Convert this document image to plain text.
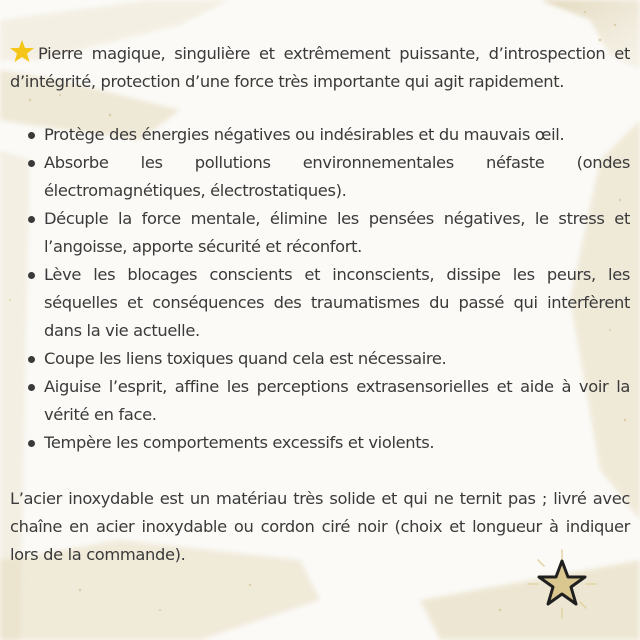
Pierre magique, singulière et extrêmement puissante, d’introspection et d’intégrité, protection d’une force très importante qui agit rapidement.

Protège des énergies négatives ou indésirables et du mauvais œil.
Absorbe les pollutions environnementales néfaste (ondes électromagnétiques, électrostatiques).
Décuple la force mentale, élimine les pensées négatives, le stress et l’angoisse, apporte sécurité et réconfort.
Lève les blocages conscients et inconscients, dissipe les peurs, les séquelles et conséquences des traumatismes du passé qui interfèrent dans la vie actuelle.
Coupe les liens toxiques quand cela est nécessaire.
Aiguise l’esprit, affine les perceptions extrasensorielles et aide à voir la vérité en face.
Tempère les comportements excessifs et violents.

L’acier inoxydable est un matériau très solide et qui ne ternit pas ; livré avec chaîne en acier inoxydable ou cordon ciré noir (choix et longueur à indiquer lors de la commande).
